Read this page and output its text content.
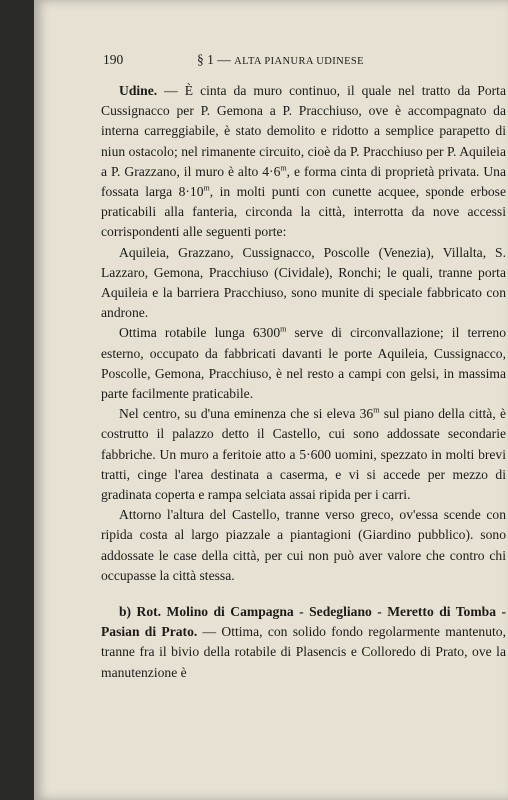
190	§ 1 — ALTA PIANURA UDINESE

Udine. — È cinta da muro continuo, il quale nel tratto da Porta Cussignacco per P. Gemona a P. Pracchiuso, ove è accompagnato da interna carreggiabile, è stato demolito e ridotto a semplice parapetto di niun ostacolo; nel rimanente circuito, cioè da P. Pracchiuso per P. Aquileia a P. Grazzano, il muro è alto $4\cdot 6^m$, e forma cinta di proprietà privata. Una fossata larga $8\cdot 10^m$, in molti punti con cunette acquee, sponde erbose praticabili alla fanteria, circonda la città, interrotta da nove accessi corrispondenti alle seguenti porte:

Aquileia, Grazzano, Cussignacco, Poscolle (Venezia), Villalta, S. Lazzaro, Gemona, Pracchiuso (Cividale), Ronchi; le quali, tranne porta Aquileia e la barriera Pracchiuso, sono munite di speciale fabbricato con androne.

Ottima rotabile lunga 6300$^m$ serve di circonvallazione; il terreno esterno, occupato da fabbricati davanti le porte Aquileia, Cussignacco, Poscolle, Gemona, Pracchiuso, è nel resto a campi con gelsi, in massima parte facilmente praticabile.

Nel centro, su d'una eminenza che si eleva 36$^m$ sul piano della città, è costrutto il palazzo detto il Castello, cui sono addossate secondarie fabbriche. Un muro a feritoie atto a 5·600 uomini, spezzato in molti brevi tratti, cinge l'area destinata a caserma, e vi si accede per mezzo di gradinata coperta e rampa selciata assai ripida per i carri.

Attorno l'altura del Castello, tranne verso greco, ov'essa scende con ripida costa al largo piazzale a piantagioni (Giardino pubblico). sono addossate le case della città, per cui non può aver valore che contro chi occupasse la città stessa.

b) Rot. Molino di Campagna - Sedegliano - Meretto di Tomba - Pasian di Prato. — Ottima, con solido fondo regolarmente mantenuto, tranne fra il bivio della rotabile di Plasencis e Colloredo di Prato, ove la manutenzione è
